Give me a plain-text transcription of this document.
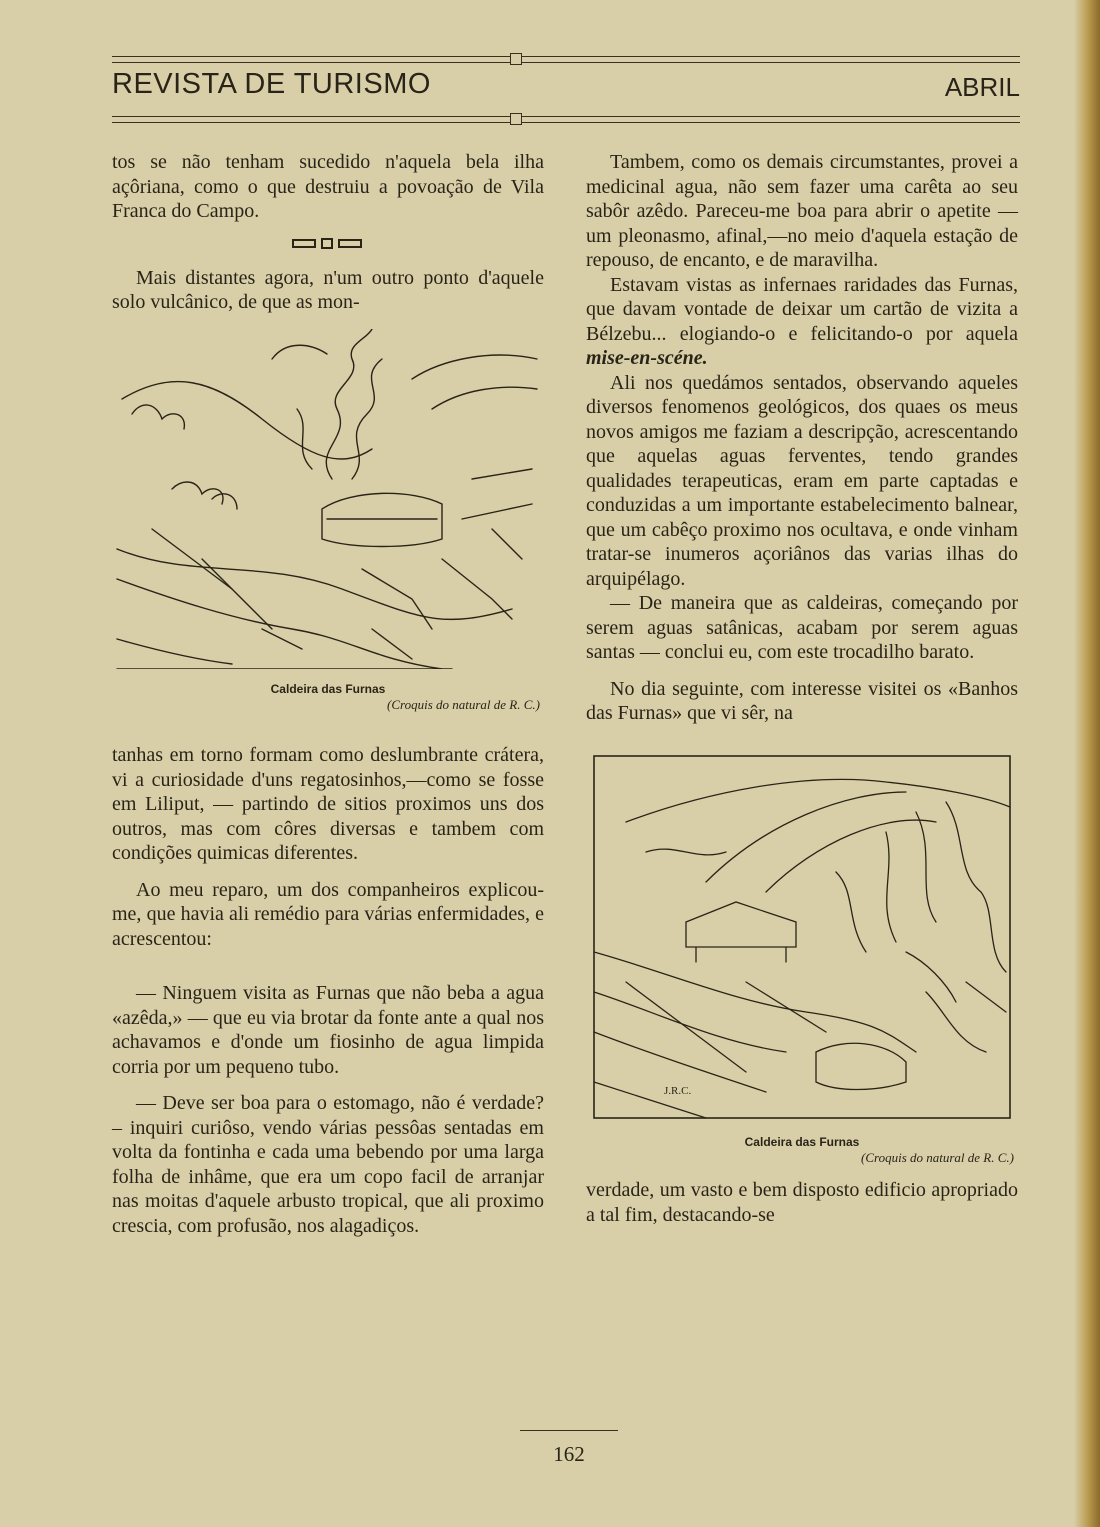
REVISTA DE TURISMO	ABRIL

tos se não tenham sucedido n'aquela bela ilha açôriana, como o que destruiu a povoação de Vila Franca do Campo.

Mais distantes agora, n'um outro ponto d'aquele solo vulcânico, de que as mon-

Caldeira das Furnas
(Croquis do natural de R. C.)

tanhas em torno formam como deslumbrante crátera, vi a curiosidade d'uns regatosinhos,—como se fosse em Liliput, — partindo de sitios proximos uns dos outros, mas com côres diversas e tambem com condições quimicas diferentes.

Ao meu reparo, um dos companheiros explicou-me, que havia ali remédio para várias enfermidades, e acrescentou:

— Ninguem visita as Furnas que não beba a agua «azêda,» — que eu via brotar da fonte ante a qual nos achavamos e d'onde um fiosinho de agua limpida corria por um pequeno tubo.

— Deve ser boa para o estomago, não é verdade? – inquiri curiôso, vendo várias pessôas sentadas em volta da fontinha e cada uma bebendo por uma larga folha de inhâme, que era um copo facil de arranjar nas moitas d'aquele arbusto tropical, que ali proximo crescia, com profusão, nos alagadiços.

Tambem, como os demais circumstantes, provei a medicinal agua, não sem fazer uma carêta ao seu sabôr azêdo. Pareceu-me boa para abrir o apetite — um pleonasmo, afinal,—no meio d'aquela estação de repouso, de encanto, e de maravilha.

Estavam vistas as infernaes raridades das Furnas, que davam vontade de deixar um cartão de vizita a Bélzebu... elogiando-o e felicitando-o por aquela mise-en-scéne.

Ali nos quedámos sentados, observando aqueles diversos fenomenos geológicos, dos quaes os meus novos amigos me faziam a descripção, acrescentando que aquelas aguas ferventes, tendo grandes qualidades terapeuticas, eram em parte captadas e conduzidas a um importante estabelecimento balnear, que um cabêço proximo nos ocultava, e onde vinham tratar-se inumeros açoriânos das varias ilhas do arquipélago.

— De maneira que as caldeiras, começando por serem aguas satânicas, acabam por serem aguas santas — conclui eu, com este trocadilho barato.

No dia seguinte, com interesse visitei os «Banhos das Furnas» que vi sêr, na

J.R.C.
Caldeira das Furnas
(Croquis do natural de R. C.)

verdade, um vasto e bem disposto edificio apropriado a tal fim, destacando-se

162
